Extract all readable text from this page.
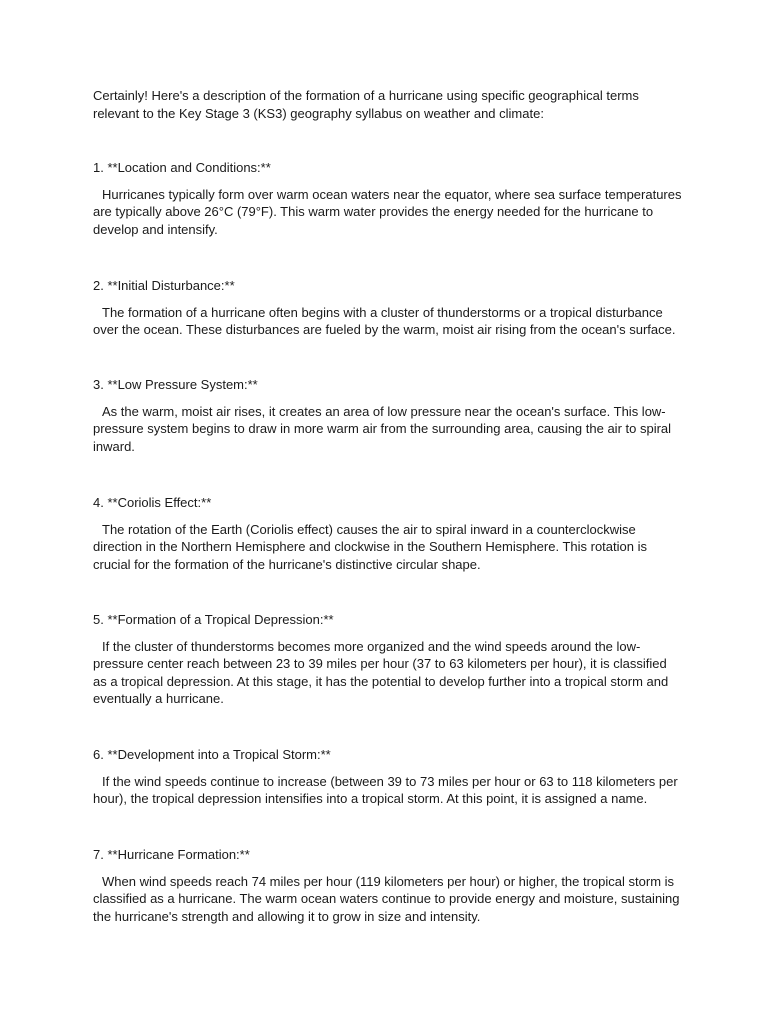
Certainly! Here's a description of the formation of a hurricane using specific geographical terms relevant to the Key Stage 3 (KS3) geography syllabus on weather and climate:

1. **Location and Conditions:**

Hurricanes typically form over warm ocean waters near the equator, where sea surface temperatures are typically above 26°C (79°F). This warm water provides the energy needed for the hurricane to develop and intensify.

2. **Initial Disturbance:**

The formation of a hurricane often begins with a cluster of thunderstorms or a tropical disturbance over the ocean. These disturbances are fueled by the warm, moist air rising from the ocean's surface.

3. **Low Pressure System:**

As the warm, moist air rises, it creates an area of low pressure near the ocean's surface. This low-pressure system begins to draw in more warm air from the surrounding area, causing the air to spiral inward.

4. **Coriolis Effect:**

The rotation of the Earth (Coriolis effect) causes the air to spiral inward in a counterclockwise direction in the Northern Hemisphere and clockwise in the Southern Hemisphere. This rotation is crucial for the formation of the hurricane's distinctive circular shape.

5. **Formation of a Tropical Depression:**

If the cluster of thunderstorms becomes more organized and the wind speeds around the low-pressure center reach between 23 to 39 miles per hour (37 to 63 kilometers per hour), it is classified as a tropical depression. At this stage, it has the potential to develop further into a tropical storm and eventually a hurricane.

6. **Development into a Tropical Storm:**

If the wind speeds continue to increase (between 39 to 73 miles per hour or 63 to 118 kilometers per hour), the tropical depression intensifies into a tropical storm. At this point, it is assigned a name.

7. **Hurricane Formation:**

When wind speeds reach 74 miles per hour (119 kilometers per hour) or higher, the tropical storm is classified as a hurricane. The warm ocean waters continue to provide energy and moisture, sustaining the hurricane's strength and allowing it to grow in size and intensity.
